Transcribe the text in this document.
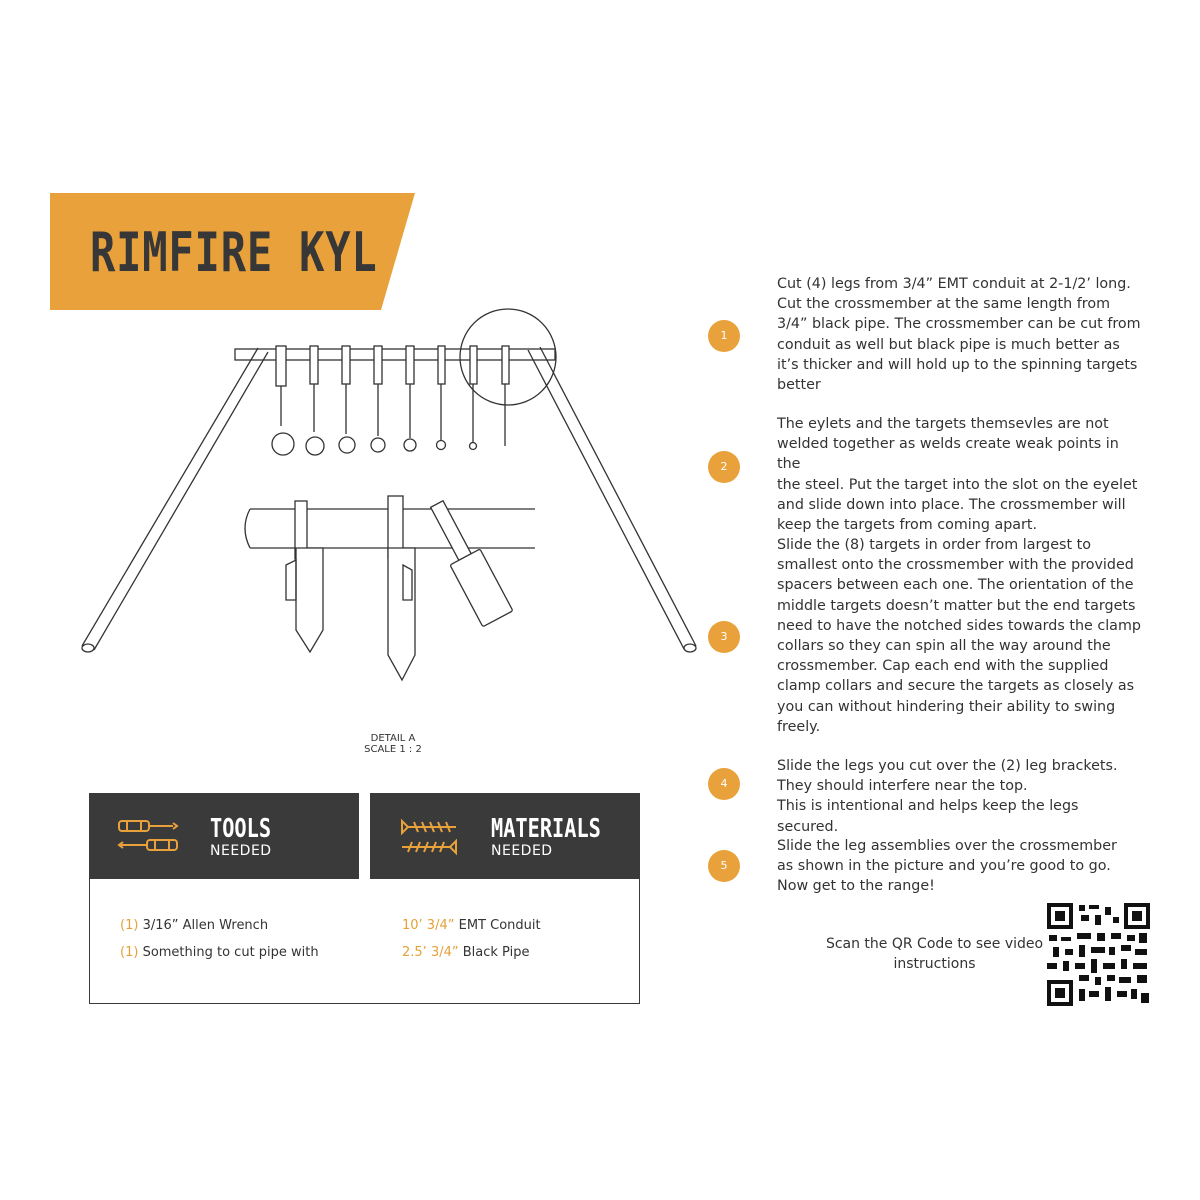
RIMFIRE KYL
DETAIL A
SCALE 1 : 2
TOOLS
NEEDED
MATERIALS
NEEDED
(1) 3/16” Allen Wrench
(1) Something to cut pipe with
10’ 3/4” EMT Conduit
2.5’ 3/4” Black Pipe
1
Cut (4) legs from 3/4” EMT conduit at 2-1/2’ long.
Cut the crossmember at the same length from
3/4” black pipe. The crossmember can be cut from
conduit as well but black pipe is much better as
it’s thicker and will hold up to the spinning targets
better
2
The eylets and the targets themsevles are not
welded together as welds create weak points in the
the steel. Put the target into the slot on the eyelet
and slide down into place. The crossmember will
keep the targets from coming apart.
3
Slide the (8) targets in order from largest to
smallest onto the crossmember with the provided
spacers between each one. The orientation of the
middle targets doesn’t matter but the end targets
need to have the notched sides towards the clamp
collars so they can spin all the way around the
crossmember. Cap each end with the supplied
clamp collars and secure the targets as closely as
you can without hindering their ability to swing
freely.
4
Slide the legs you cut over the (2) leg brackets.
They should interfere near the top.
This is intentional and helps keep the legs secured.
5
Slide the leg assemblies over the crossmember
as shown in the picture and you’re good to go.
Now get to the range!
Scan the QR Code to see video
instructions
